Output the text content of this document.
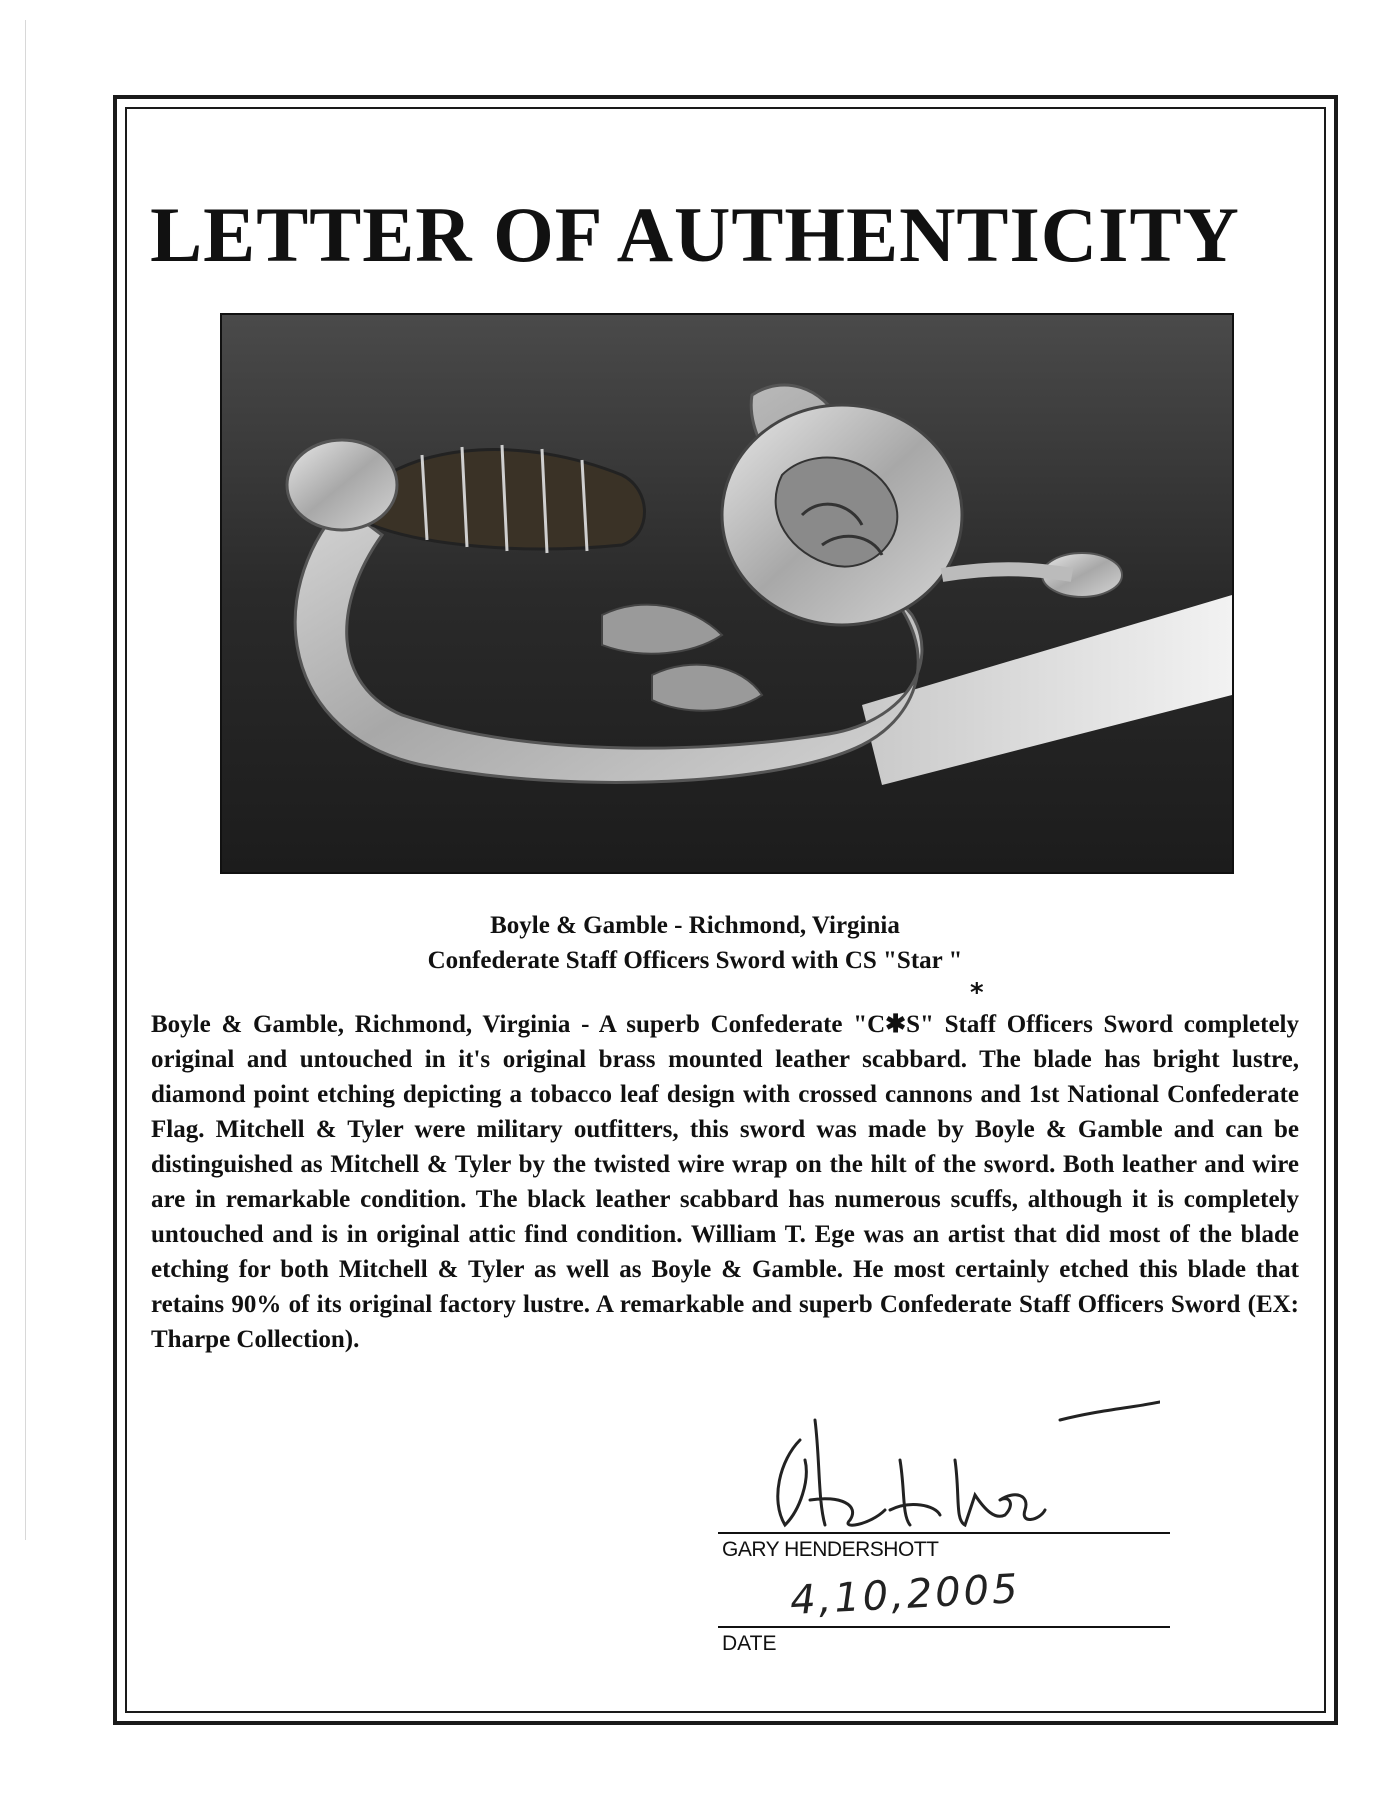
LETTER OF AUTHENTICITY
Boyle & Gamble - Richmond, Virginia
Confederate Staff Officers Sword with CS "Star "
*

Boyle & Gamble, Richmond, Virginia - A superb Confederate "C✱S" Staff Officers Sword completely original and untouched in it's original brass mounted leather scabbard. The blade has bright lustre, diamond point etching depicting a tobacco leaf design with crossed cannons and 1st National Confederate Flag. Mitchell & Tyler were military outfitters, this sword was made by Boyle & Gamble and can be distinguished as Mitchell & Tyler by the twisted wire wrap on the hilt of the sword. Both leather and wire are in remarkable condition. The black leather scabbard has numerous scuffs, although it is completely untouched and is in original attic find condition. William T. Ege was an artist that did most of the blade etching for both Mitchell & Tyler as well as Boyle & Gamble. He most certainly etched this blade that retains 90% of its original factory lustre. A remarkable and superb Confederate Staff Officers Sword (EX: Tharpe Collection).

GARY HENDERSHOTT
4,10,2005
DATE
